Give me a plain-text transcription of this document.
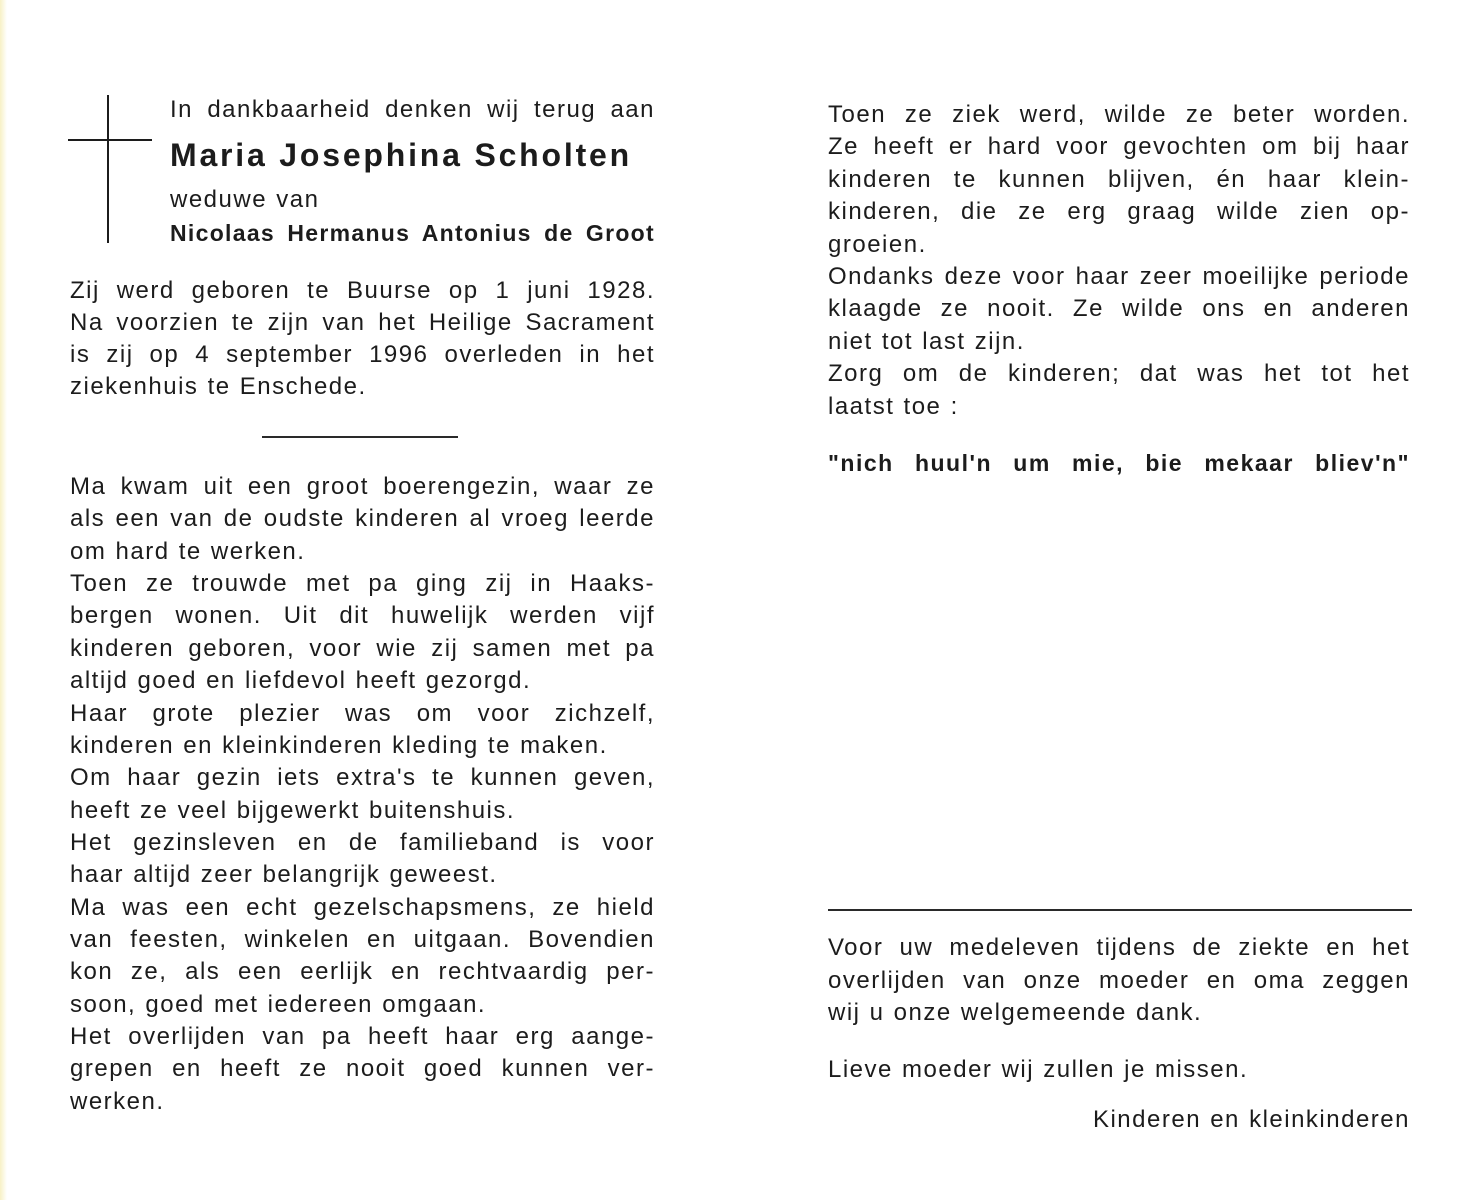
In dankbaarheid denken wij terug aan
Maria Josephina Scholten
weduwe van
Nicolaas Hermanus Antonius de Groot
Zij werd geboren te Buurse op 1 juni 1928.
Na voorzien te zijn van het Heilige Sacrament
is zij op 4 september 1996 overleden in het
ziekenhuis te Enschede.
Ma kwam uit een groot boerengezin, waar ze
als een van de oudste kinderen al vroeg leerde
om hard te werken.
Toen ze trouwde met pa ging zij in Haaks-
bergen wonen. Uit dit huwelijk werden vijf
kinderen geboren, voor wie zij samen met pa
altijd goed en liefdevol heeft gezorgd.
Haar grote plezier was om voor zichzelf,
kinderen en kleinkinderen kleding te maken.
Om haar gezin iets extra's te kunnen geven,
heeft ze veel bijgewerkt buitenshuis.
Het gezinsleven en de familieband is voor
haar altijd zeer belangrijk geweest.
Ma was een echt gezelschapsmens, ze hield
van feesten, winkelen en uitgaan. Bovendien
kon ze, als een eerlijk en rechtvaardig per-
soon, goed met iedereen omgaan.
Het overlijden van pa heeft haar erg aange-
grepen en heeft ze nooit goed kunnen ver-
werken.
Toen ze ziek werd, wilde ze beter worden.
Ze heeft er hard voor gevochten om bij haar
kinderen te kunnen blijven, én haar klein-
kinderen, die ze erg graag wilde zien op-
groeien.
Ondanks deze voor haar zeer moeilijke periode
klaagde ze nooit. Ze wilde ons en anderen
niet tot last zijn.
Zorg om de kinderen; dat was het tot het
laatst toe :
"nich huul'n um mie, bie mekaar bliev'n"
Voor uw medeleven tijdens de ziekte en het
overlijden van onze moeder en oma zeggen
wij u onze welgemeende dank.
Lieve moeder wij zullen je missen.
Kinderen en kleinkinderen
